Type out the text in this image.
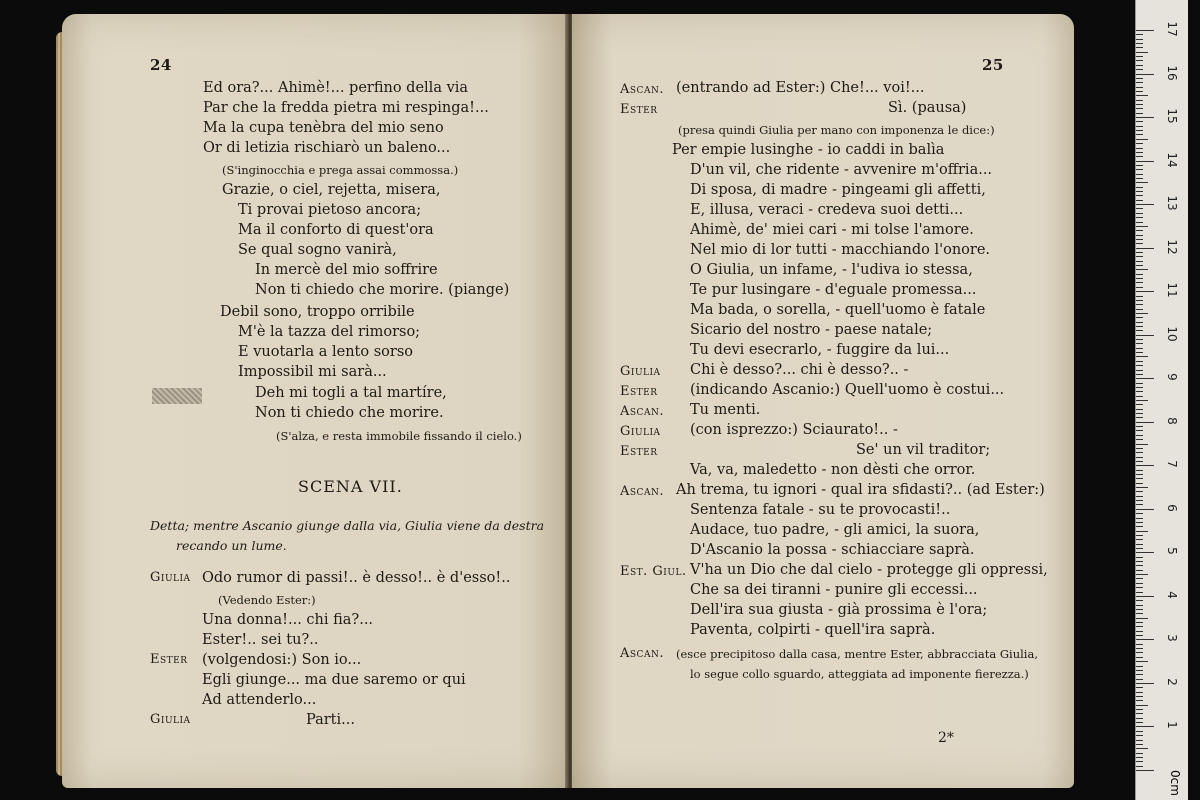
24
Ed ora?... Ahimè!... perfino della via
Par che la fredda pietra mi respinga!...
Ma la cupa tenèbra del mio seno
Or di letizia rischiarò un baleno...
(S'inginocchia e prega assai commossa.)
Grazie, o ciel, rejetta, misera,
Ti provai pietoso ancora;
Ma il conforto di quest'ora
Se qual sogno vanirà,
In mercè del mio soffrire
Non ti chiedo che morire. (piange)
Debil sono, troppo orribile
M'è la tazza del rimorso;
E vuotarla a lento sorso
Impossibil mi sarà...
Deh mi togli a tal martíre,
Non ti chiedo che morire.
(S'alza, e resta immobile fissando il cielo.)
SCENA VII.
Detta; mentre Ascanio giunge dalla via, Giulia viene da destra
recando un lume.
Giulia Odo rumor di passi!.. è desso!.. è d'esso!..
(Vedendo Ester:)
Una donna!... chi fia?...
Ester!.. sei tu?..
Ester (volgendosi:) Son io...
Egli giunge... ma due saremo or qui
Ad attenderlo...
Giulia	Parti...
25
Ascan. (entrando ad Ester:) Che!... voi!...
Ester	Sì. (pausa)
(presa quindi Giulia per mano con imponenza le dice:)
Per empie lusinghe - io caddi in balìa
D'un vil, che ridente - avvenire m'offria...
Di sposa, di madre - pingeami gli affetti,
E, illusa, veraci - credeva suoi detti...
Ahimè, de' miei cari - mi tolse l'amore.
Nel mio di lor tutti - macchiando l'onore.
O Giulia, un infame, - l'udiva io stessa,
Te pur lusingare - d'eguale promessa...
Ma bada, o sorella, - quell'uomo è fatale
Sicario del nostro - paese natale;
Tu devi esecrarlo, - fuggire da lui...
Giulia Chi è desso?... chi è desso?.. -
Ester (indicando Ascanio:) Quell'uomo è costui...
Ascan. Tu menti.
Giulia (con isprezzo:) Sciaurato!.. -
Ester	Se' un vil traditor;
Va, va, maledetto - non dèsti che orror.
Ascan. Ah trema, tu ignori - qual ira sfidasti?.. (ad Ester:)
Sentenza fatale - su te provocasti!..
Audace, tuo padre, - gli amici, la suora,
D'Ascanio la possa - schiacciare saprà.
Est. Giul. V'ha un Dio che dal cielo - protegge gli oppressi,
Che sa dei tiranni - punire gli eccessi...
Dell'ira sua giusta - già prossima è l'ora;
Paventa, colpirti - quell'ira saprà.
Ascan. (esce precipitoso dalla casa, mentre Ester, abbracciata Giulia,
lo segue collo sguardo, atteggiata ad imponente fierezza.)
2*
1
2
3
4
5
6
7
8
9
10
11
12
13
14
15
16
17
0cm
